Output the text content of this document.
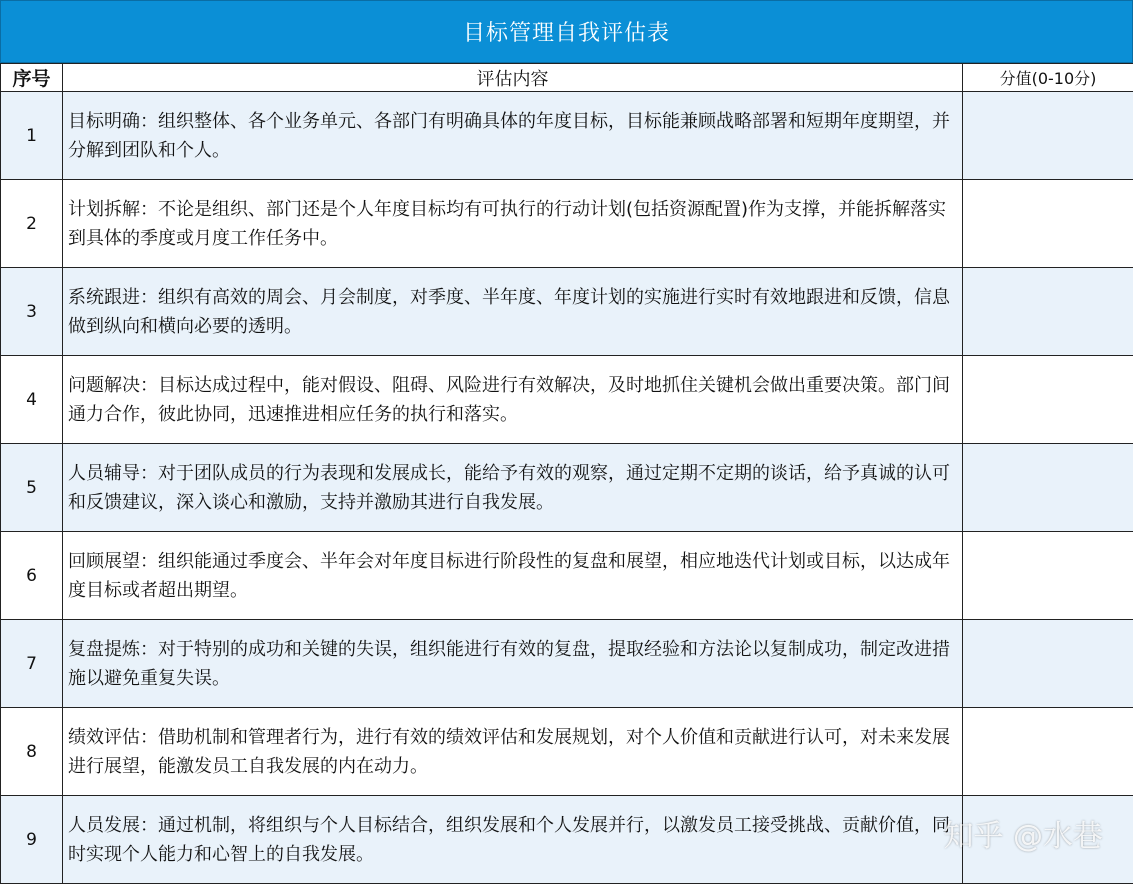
目标管理自我评估表
序号	评估内容	分值(0-10分)
1	目标明确：组织整体、各个业务单元、各部门有明确具体的年度目标，目标能兼顾战略部署和短期年度期望，并分解到团队和个人。	
2	计划拆解：不论是组织、部门还是个人年度目标均有可执行的行动计划(包括资源配置)作为支撑，并能拆解落实到具体的季度或月度工作任务中。	
3	系统跟进：组织有高效的周会、月会制度，对季度、半年度、年度计划的实施进行实时有效地跟进和反馈，信息做到纵向和横向必要的透明。	
4	问题解决：目标达成过程中，能对假设、阻碍、风险进行有效解决，及时地抓住关键机会做出重要决策。部门间通力合作，彼此协同，迅速推进相应任务的执行和落实。	
5	人员辅导：对于团队成员的行为表现和发展成长，能给予有效的观察，通过定期不定期的谈话，给予真诚的认可和反馈建议，深入谈心和激励，支持并激励其进行自我发展。	
6	回顾展望：组织能通过季度会、半年会对年度目标进行阶段性的复盘和展望，相应地迭代计划或目标，以达成年度目标或者超出期望。	
7	复盘提炼：对于特别的成功和关键的失误，组织能进行有效的复盘，提取经验和方法论以复制成功，制定改进措施以避免重复失误。	
8	绩效评估：借助机制和管理者行为，进行有效的绩效评估和发展规划，对个人价值和贡献进行认可，对未来发展进行展望，能激发员工自我发展的内在动力。	
9	人员发展：通过机制，将组织与个人目标结合，组织发展和个人发展并行，以激发员工接受挑战、贡献价值，同时实现个人能力和心智上的自我发展。		知乎 @水巷
